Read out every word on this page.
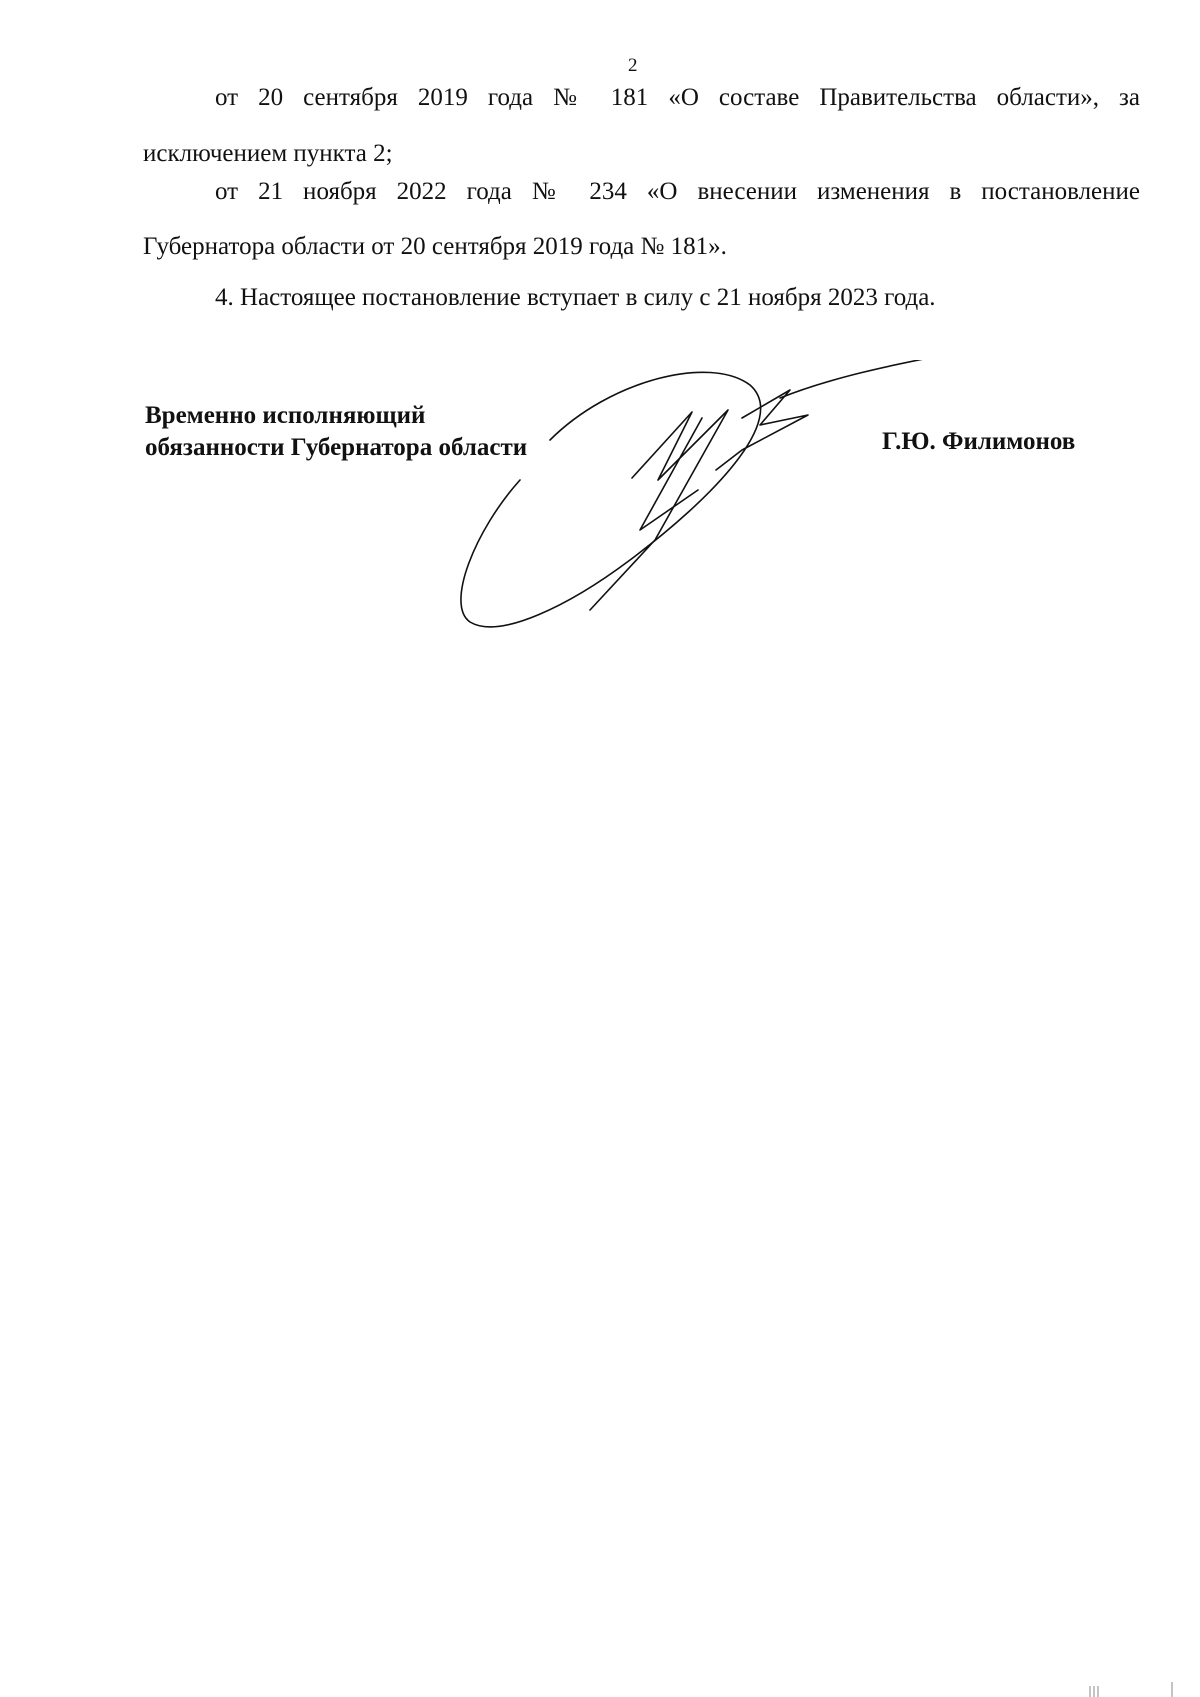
2
от 20 сентября 2019 года № 181 «О составе Правительства области», за
исключением пункта 2;
от 21 ноября 2022 года № 234 «О внесении изменения в постановление
Губернатора области от 20 сентября 2019 года № 181».
4. Настоящее постановление вступает в силу с 21 ноября 2023 года.
Временно исполняющий
обязанности Губернатора области	Г.Ю. Филимонов
